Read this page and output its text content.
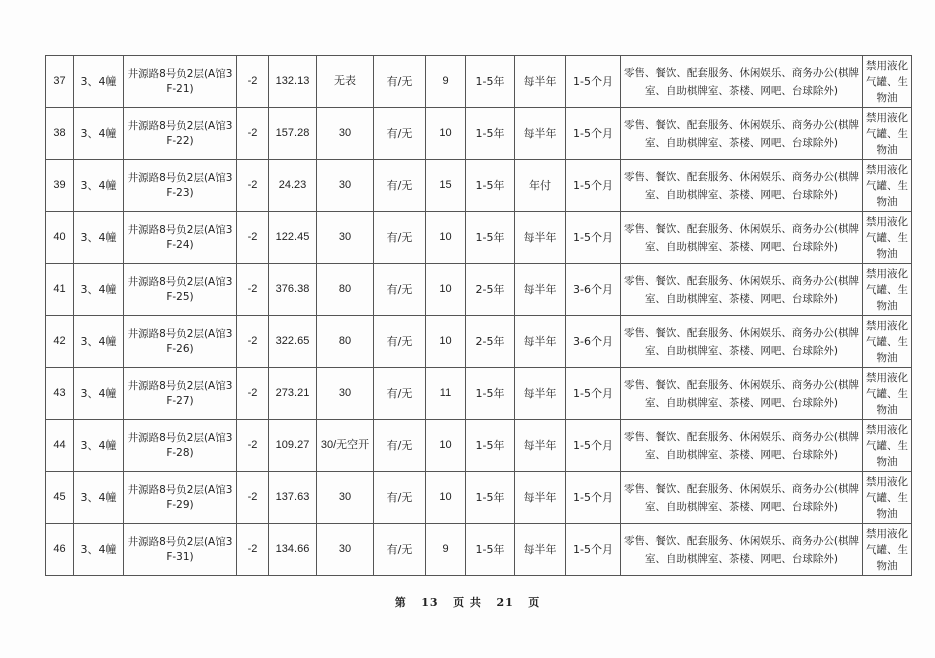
37	3、4幢	井源路8号负2层(A馆3F-21)	-2	132.13	无表	有/无	9	1-5年	每半年	1-5个月	零售、餐饮、配套服务、休闲娱乐、商务办公(棋牌室、自助棋牌室、茶楼、网吧、台球除外)	禁用液化气罐、生物油
38	3、4幢	井源路8号负2层(A馆3F-22)	-2	157.28	30	有/无	10	1-5年	每半年	1-5个月	零售、餐饮、配套服务、休闲娱乐、商务办公(棋牌室、自助棋牌室、茶楼、网吧、台球除外)	禁用液化气罐、生物油
39	3、4幢	井源路8号负2层(A馆3F-23)	-2	24.23	30	有/无	15	1-5年	年付	1-5个月	零售、餐饮、配套服务、休闲娱乐、商务办公(棋牌室、自助棋牌室、茶楼、网吧、台球除外)	禁用液化气罐、生物油
40	3、4幢	井源路8号负2层(A馆3F-24)	-2	122.45	30	有/无	10	1-5年	每半年	1-5个月	零售、餐饮、配套服务、休闲娱乐、商务办公(棋牌室、自助棋牌室、茶楼、网吧、台球除外)	禁用液化气罐、生物油
41	3、4幢	井源路8号负2层(A馆3F-25)	-2	376.38	80	有/无	10	2-5年	每半年	3-6个月	零售、餐饮、配套服务、休闲娱乐、商务办公(棋牌室、自助棋牌室、茶楼、网吧、台球除外)	禁用液化气罐、生物油
42	3、4幢	井源路8号负2层(A馆3F-26)	-2	322.65	80	有/无	10	2-5年	每半年	3-6个月	零售、餐饮、配套服务、休闲娱乐、商务办公(棋牌室、自助棋牌室、茶楼、网吧、台球除外)	禁用液化气罐、生物油
43	3、4幢	井源路8号负2层(A馆3F-27)	-2	273.21	30	有/无	11	1-5年	每半年	1-5个月	零售、餐饮、配套服务、休闲娱乐、商务办公(棋牌室、自助棋牌室、茶楼、网吧、台球除外)	禁用液化气罐、生物油
44	3、4幢	井源路8号负2层(A馆3F-28)	-2	109.27	30/无空开	有/无	10	1-5年	每半年	1-5个月	零售、餐饮、配套服务、休闲娱乐、商务办公(棋牌室、自助棋牌室、茶楼、网吧、台球除外)	禁用液化气罐、生物油
45	3、4幢	井源路8号负2层(A馆3F-29)	-2	137.63	30	有/无	10	1-5年	每半年	1-5个月	零售、餐饮、配套服务、休闲娱乐、商务办公(棋牌室、自助棋牌室、茶楼、网吧、台球除外)	禁用液化气罐、生物油
46	3、4幢	井源路8号负2层(A馆3F-31)	-2	134.66	30	有/无	9	1-5年	每半年	1-5个月	零售、餐饮、配套服务、休闲娱乐、商务办公(棋牌室、自助棋牌室、茶楼、网吧、台球除外)	禁用液化气罐、生物油
第 13 页 共 21 页
